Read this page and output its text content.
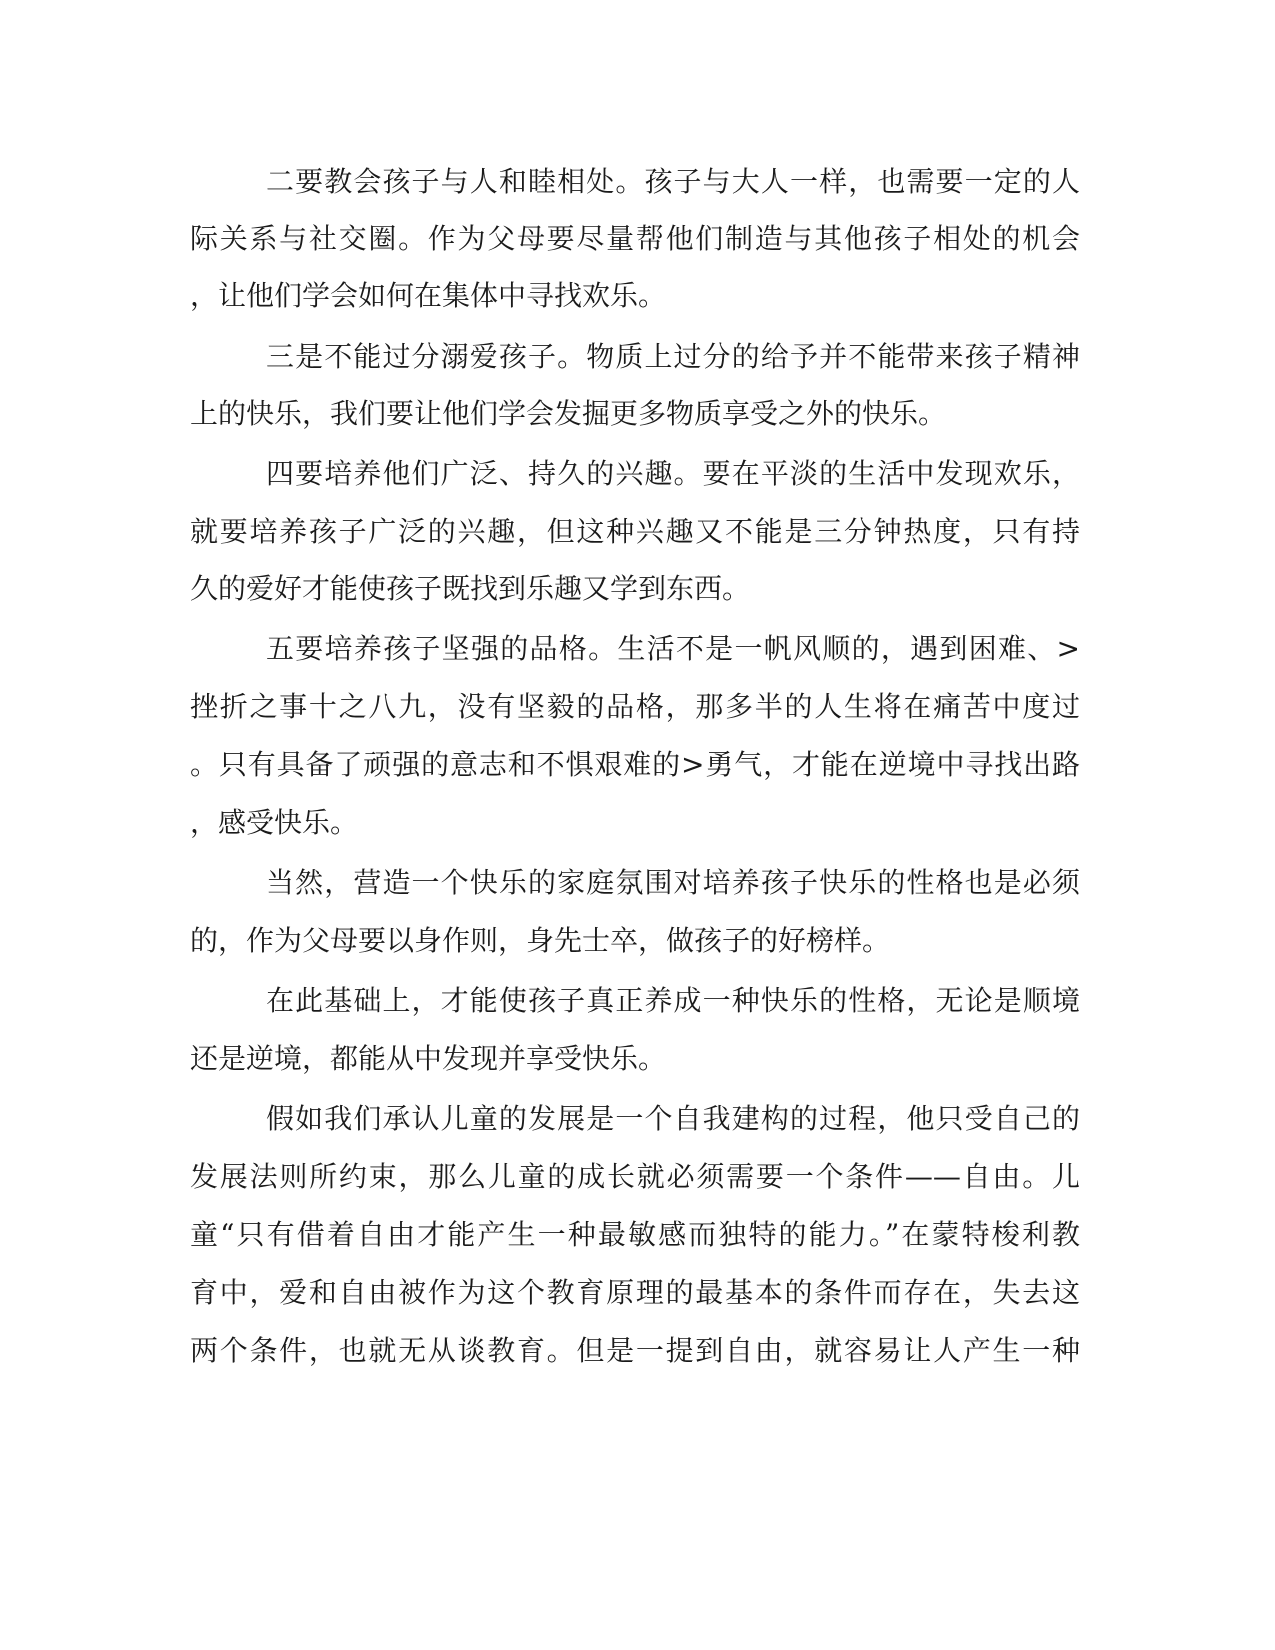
二要教会孩子与人和睦相处。孩子与大人一样，也需要一定的人
际关系与社交圈。作为父母要尽量帮他们制造与其他孩子相处的机会
，让他们学会如何在集体中寻找欢乐。
三是不能过分溺爱孩子。物质上过分的给予并不能带来孩子精神
上的快乐，我们要让他们学会发掘更多物质享受之外的快乐。
四要培养他们广泛、持久的兴趣。要在平淡的生活中发现欢乐，
就要培养孩子广泛的兴趣，但这种兴趣又不能是三分钟热度，只有持
久的爱好才能使孩子既找到乐趣又学到东西。
五要培养孩子坚强的品格。生活不是一帆风顺的，遇到困难、>
挫折之事十之八九，没有坚毅的品格，那多半的人生将在痛苦中度过
。只有具备了顽强的意志和不惧艰难的>勇气，才能在逆境中寻找出路
，感受快乐。
当然，营造一个快乐的家庭氛围对培养孩子快乐的性格也是必须
的，作为父母要以身作则，身先士卒，做孩子的好榜样。
在此基础上，才能使孩子真正养成一种快乐的性格，无论是顺境
还是逆境，都能从中发现并享受快乐。
假如我们承认儿童的发展是一个自我建构的过程，他只受自己的
发展法则所约束，那么儿童的成长就必须需要一个条件——自由。儿
童“只有借着自由才能产生一种最敏感而独特的能力。”在蒙特梭利教
育中，爱和自由被作为这个教育原理的最基本的条件而存在，失去这
两个条件，也就无从谈教育。但是一提到自由，就容易让人产生一种
